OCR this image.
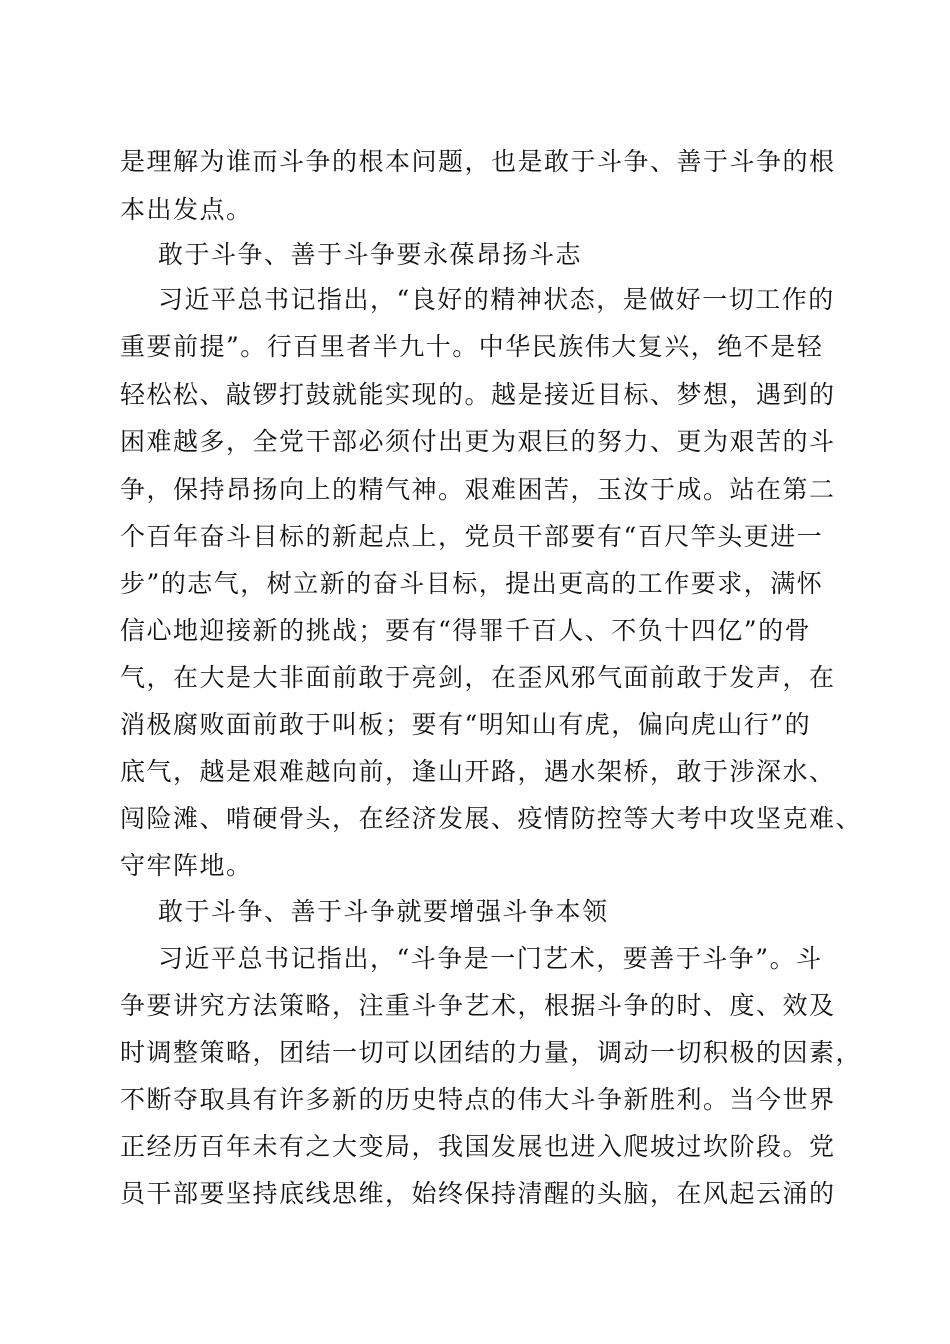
是理解为谁而斗争的根本问题，也是敢于斗争、善于斗争的根
本出发点。
敢于斗争、善于斗争要永葆昂扬斗志
习近平总书记指出，“良好的精神状态，是做好一切工作的
重要前提”。行百里者半九十。中华民族伟大复兴，绝不是轻
轻松松、敲锣打鼓就能实现的。越是接近目标、梦想，遇到的
困难越多，全党干部必须付出更为艰巨的努力、更为艰苦的斗
争，保持昂扬向上的精气神。艰难困苦，玉汝于成。站在第二
个百年奋斗目标的新起点上，党员干部要有“百尺竿头更进一
步”的志气，树立新的奋斗目标，提出更高的工作要求，满怀
信心地迎接新的挑战；要有“得罪千百人、不负十四亿”的骨
气，在大是大非面前敢于亮剑，在歪风邪气面前敢于发声，在
消极腐败面前敢于叫板；要有“明知山有虎，偏向虎山行”的
底气，越是艰难越向前，逢山开路，遇水架桥，敢于涉深水、
闯险滩、啃硬骨头，在经济发展、疫情防控等大考中攻坚克难、
守牢阵地。
敢于斗争、善于斗争就要增强斗争本领
习近平总书记指出，“斗争是一门艺术，要善于斗争”。斗
争要讲究方法策略，注重斗争艺术，根据斗争的时、度、效及
时调整策略，团结一切可以团结的力量，调动一切积极的因素，
不断夺取具有许多新的历史特点的伟大斗争新胜利。当今世界
正经历百年未有之大变局，我国发展也进入爬坡过坎阶段。党
员干部要坚持底线思维，始终保持清醒的头脑，在风起云涌的
